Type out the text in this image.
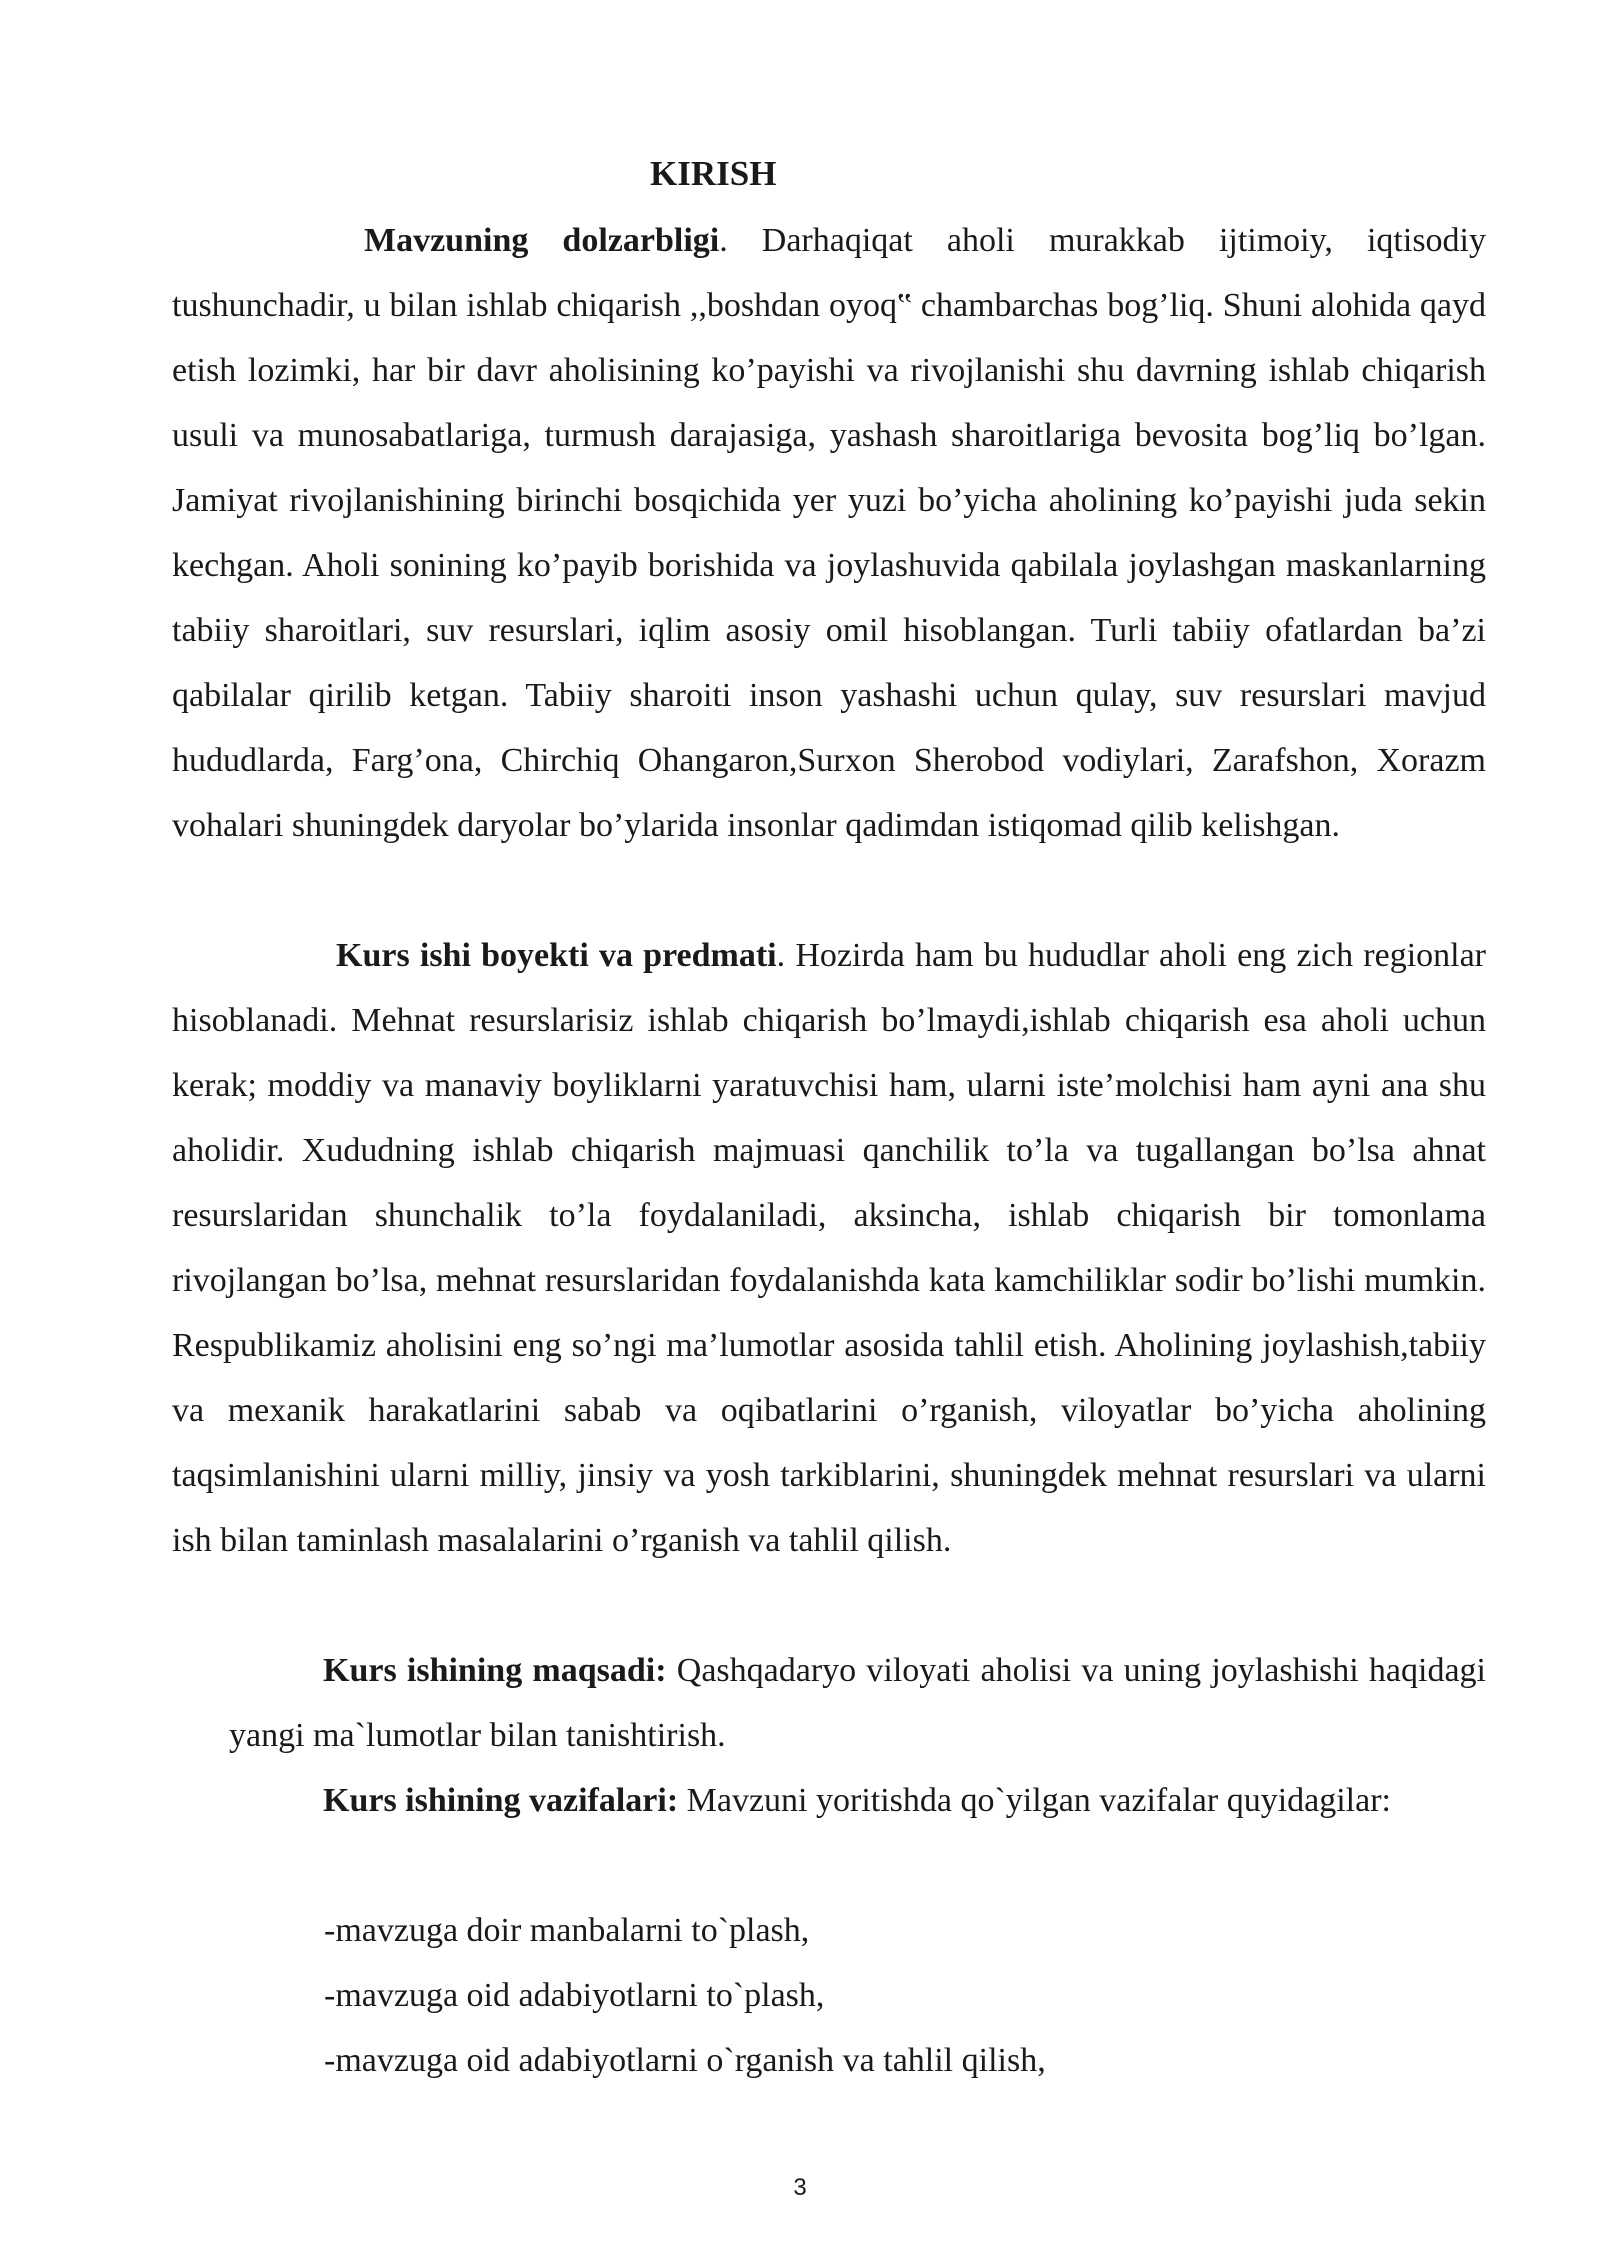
KIRISH

Mavzuning dolzarbligi. Darhaqiqat aholi murakkab ijtimoiy, iqtisodiy tushunchadir, u bilan ishlab chiqarish ,,boshdan oyoq‟ chambarchas bog’liq. Shuni alohida qayd etish lozimki, har bir davr aholisining ko’payishi va rivojlanishi shu davrning ishlab chiqarish usuli va munosabatlariga, turmush darajasiga, yashash sharoitlariga bevosita bog’liq bo’lgan. Jamiyat rivojlanishining birinchi bosqichida yer yuzi bo’yicha aholining ko’payishi juda sekin kechgan. Aholi sonining ko’payib borishida va joylashuvida qabilala joylashgan maskanlarning tabiiy sharoitlari, suv resurslari, iqlim asosiy omil hisoblangan. Turli tabiiy ofatlardan ba’zi qabilalar qirilib ketgan. Tabiiy sharoiti inson yashashi uchun qulay, suv resurslari mavjud hududlarda, Farg’ona, Chirchiq Ohangaron,Surxon Sherobod vodiylari, Zarafshon, Xorazm vohalari shuningdek daryolar bo’ylarida insonlar qadimdan istiqomad qilib kelishgan.

Kurs ishi boyekti va predmati. Hozirda ham bu hududlar aholi eng zich regionlar hisoblanadi. Mehnat resurslarisiz ishlab chiqarish bo’lmaydi,ishlab chiqarish esa aholi uchun kerak; moddiy va manaviy boyliklarni yaratuvchisi ham, ularni iste’molchisi ham ayni ana shu aholidir. Xududning ishlab chiqarish majmuasi qanchilik to’la va tugallangan bo’lsa ahnat resurslaridan shunchalik to’la foydalaniladi, aksincha, ishlab chiqarish bir tomonlama rivojlangan bo’lsa, mehnat resurslaridan foydalanishda kata kamchiliklar sodir bo’lishi mumkin. Respublikamiz aholisini eng so’ngi ma’lumotlar asosida tahlil etish. Aholining joylashish,tabiiy va mexanik harakatlarini sabab va oqibatlarini o’rganish, viloyatlar bo’yicha aholining taqsimlanishini ularni milliy, jinsiy va yosh tarkiblarini, shuningdek mehnat resurslari va ularni ish bilan taminlash masalalarini o’rganish va tahlil qilish.

Kurs ishining maqsadi: Qashqadaryo viloyati aholisi va uning joylashishi haqidagi yangi ma`lumotlar bilan tanishtirish.

Kurs ishining vazifalari: Mavzuni yoritishda qo`yilgan vazifalar quyidagilar:

-mavzuga doir manbalarni to`plash,
-mavzuga oid adabiyotlarni to`plash,
-mavzuga oid adabiyotlarni o`rganish va tahlil qilish,
3
